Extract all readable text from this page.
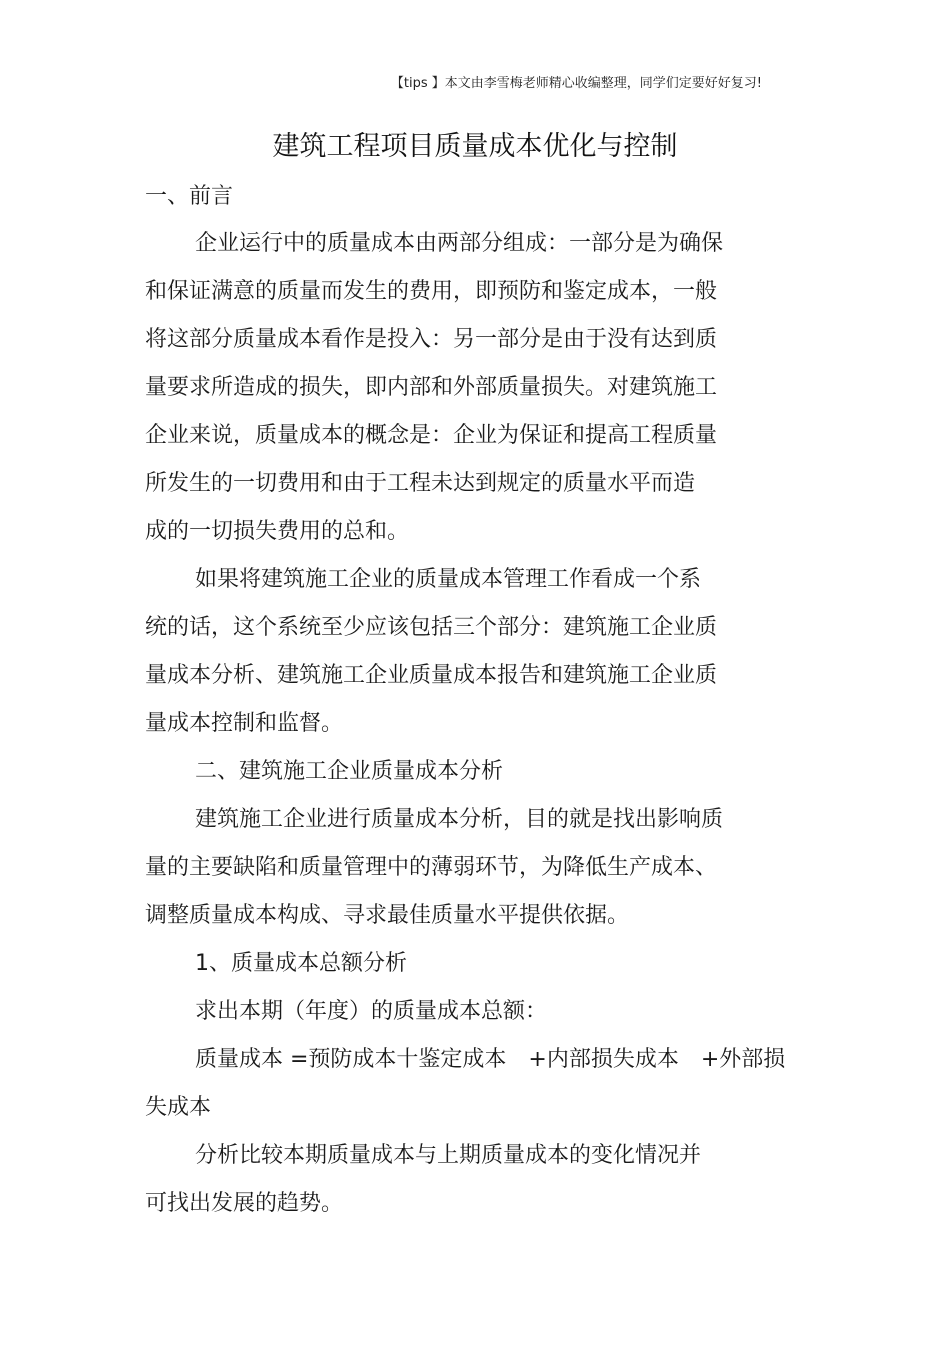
【tips 】本文由李雪梅老师精心收编整理，同学们定要好好复习!
建筑工程项目质量成本优化与控制
一、前言
企业运行中的质量成本由两部分组成：一部分是为确保
和保证满意的质量而发生的费用，即预防和鉴定成本，一般
将这部分质量成本看作是投入：另一部分是由于没有达到质
量要求所造成的损失，即内部和外部质量损失。对建筑施工
企业来说，质量成本的概念是：企业为保证和提高工程质量
所发生的一切费用和由于工程未达到规定的质量水平而造
成的一切损失费用的总和。
如果将建筑施工企业的质量成本管理工作看成一个系
统的话，这个系统至少应该包括三个部分：建筑施工企业质
量成本分析、建筑施工企业质量成本报告和建筑施工企业质
量成本控制和监督。
二、建筑施工企业质量成本分析
建筑施工企业进行质量成本分析，目的就是找出影响质
量的主要缺陷和质量管理中的薄弱环节，为降低生产成本、
调整质量成本构成、寻求最佳质量水平提供依据。
1、质量成本总额分析
求出本期（年度）的质量成本总额：
质量成本 =预防成本十鉴定成本　+内部损失成本　+外部损
失成本
分析比较本期质量成本与上期质量成本的变化情况并
可找出发展的趋势。
